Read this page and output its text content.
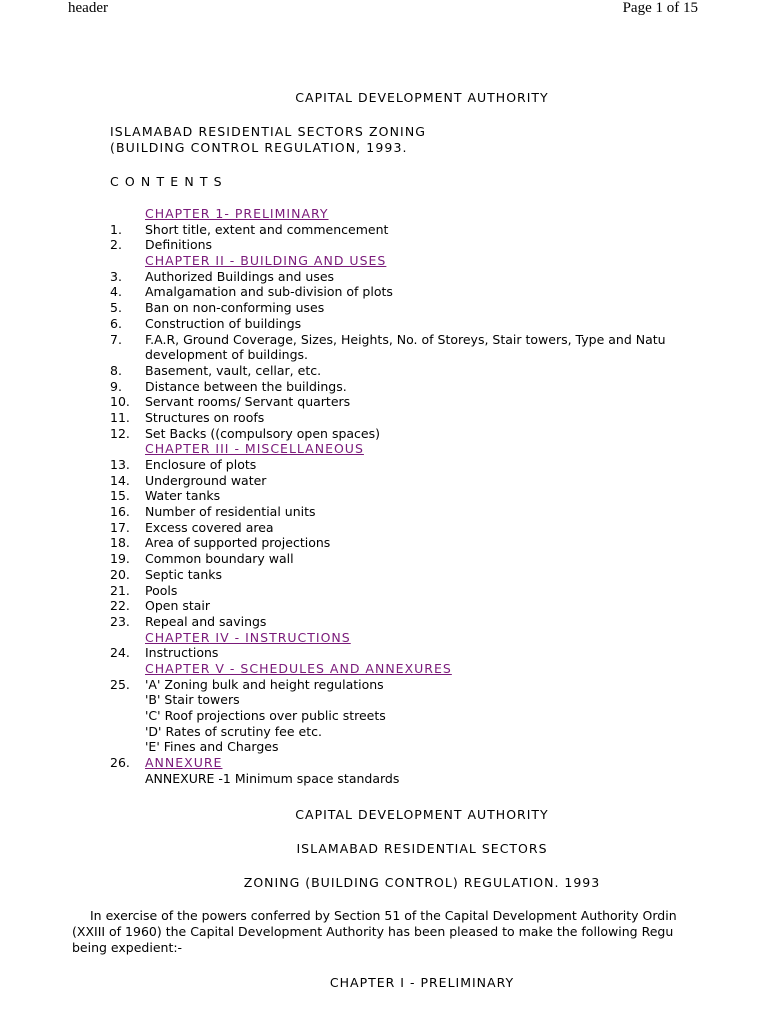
header	Page 1 of 15
CAPITAL DEVELOPMENT AUTHORITY
ISLAMABAD RESIDENTIAL SECTORS ZONING
(BUILDING CONTROL REGULATION, 1993.
C O N T E N T S
CHAPTER 1- PRELIMINARY
1.	Short title, extent and commencement
2.	Definitions
CHAPTER II - BUILDING AND USES
3.	Authorized Buildings and uses
4.	Amalgamation and sub-division of plots
5.	Ban on non-conforming uses
6.	Construction of buildings
7.	F.A.R, Ground Coverage, Sizes, Heights, No. of Storeys, Stair towers, Type and Natu
development of buildings.
8.	Basement, vault, cellar, etc.
9.	Distance between the buildings.
10.	Servant rooms/ Servant quarters
11.	Structures on roofs
12.	Set Backs ((compulsory open spaces)
CHAPTER III - MISCELLANEOUS
13.	Enclosure of plots
14.	Underground water
15.	Water tanks
16.	Number of residential units
17.	Excess covered area
18.	Area of supported projections
19.	Common boundary wall
20.	Septic tanks
21.	Pools
22.	Open stair
23.	Repeal and savings
CHAPTER IV - INSTRUCTIONS
24.	Instructions
CHAPTER V - SCHEDULES AND ANNEXURES
25.	'A' Zoning bulk and height regulations
'B' Stair towers
'C' Roof projections over public streets
'D' Rates of scrutiny fee etc.
'E' Fines and Charges
26.	ANNEXURE
ANNEXURE -1 Minimum space standards
CAPITAL DEVELOPMENT AUTHORITY
ISLAMABAD RESIDENTIAL SECTORS
ZONING (BUILDING CONTROL) REGULATION. 1993
In exercise of the powers conferred by Section 51 of the Capital Development Authority Ordin
(XXIII of 1960) the Capital Development Authority has been pleased to make the following Regu
being expedient:-
CHAPTER I - PRELIMINARY
